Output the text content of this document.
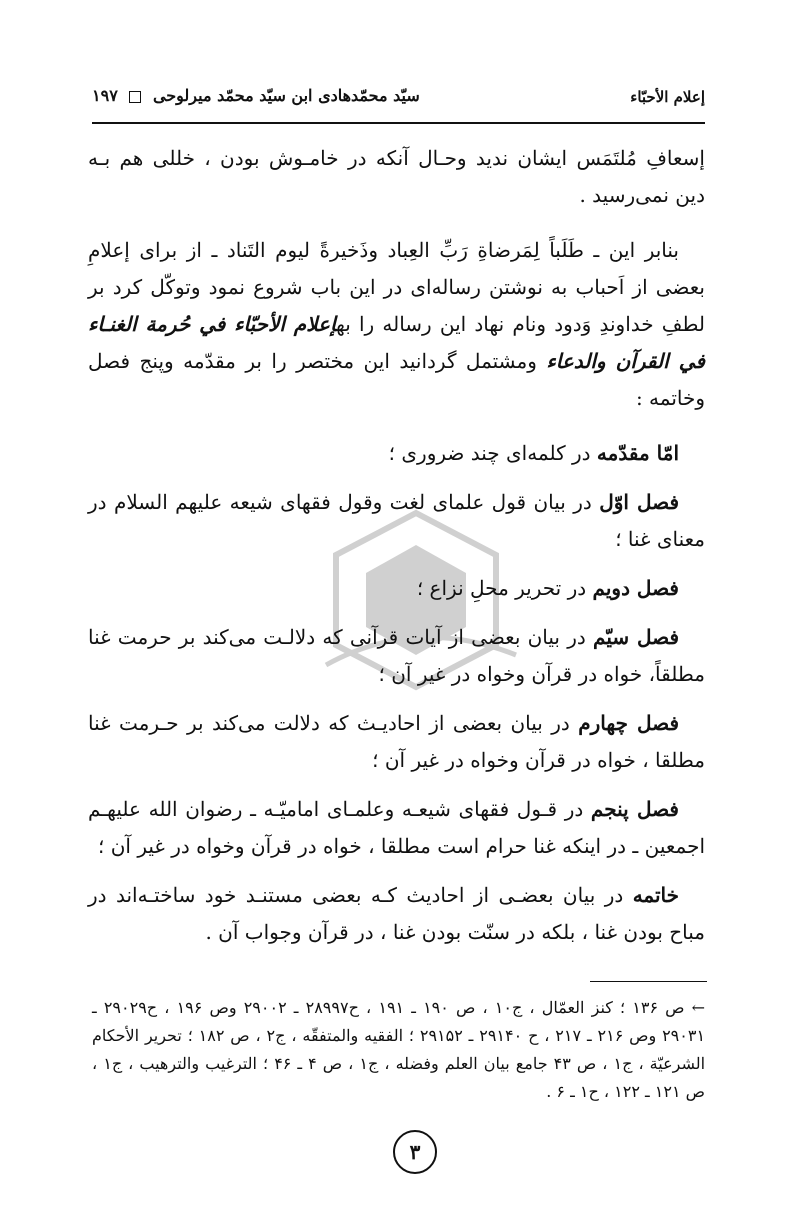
إعلام الأحبّاء
سيّد محمّدهادی ابن سيّد محمّد ميرلوحی  ١٩٧

إسعافِ مُلتَمَس ايشان نديد وحـال آنكه در خامـوش بودن ، خللی هم بـه دين نمی‌رسيد .

بنابر اين ـ طَلَباً لِمَرضاةِ رَبِّ العِباد وذَخيرةً ليوم التَناد ـ از برای إعلامِ بعضی از اَحباب به نوشتن رساله‌ای در اين باب شروع نمود وتوكّل كرد بر لطفِ خداوندِ وَدود ونام نهاد اين رساله را بهإعلام الأحبّاء في حُرمة الغنـاء في القرآن والدعاء ومشتمل گردانيد اين مختصر را بر مقدّمه وپنج فصل وخاتمه :

امّا مقدّمه در كلمه‌ای چند ضروری ؛
فصل اوّل در بيان قول علمای لغت وقول فقهای شيعه عليهم السلام در معنای غنا ؛
فصل دويم در تحرير محلِ نزاع ؛
فصل سيّم در بيان بعضی از آيات قرآنی كه دلالـت می‌كند بر حرمت غنا مطلقاً، خواه در قرآن وخواه در غير آن ؛
فصل چهارم در بيان بعضی از احاديـث كه دلالت می‌كند بر حـرمت غنا مطلقا ، خواه در قرآن وخواه در غير آن ؛
فصل پنجم در قـول فقهای شيعـه وعلمـای اماميّـه ـ رضوان الله عليهـم اجمعين ـ در اينكه غنا حرام است مطلقا ، خواه در قرآن وخواه در غير آن ؛
خاتمه در بيان بعضـی از احاديث كـه بعضی مستنـد خود ساختـه‌اند در مباح بودن غنا ، بلكه در سنّت بودن غنا ، در قرآن وجواب آن .
← ص ١٣۶ ؛ كنز العمّال ، ج١٠ ، ص ١٩٠ ـ ١٩١ ، ح٢٨٩٩٧ ـ ٢٩٠٠٢ وص ١٩۶ ، ح٢٩٠٢٩ ـ ٢٩٠٣١ وص ٢١۶ ـ ٢١٧ ، ح ٢٩١۴٠ ـ ٢٩١۵٢ ؛ الفقيه والمتفقّه ، ج٢ ، ص ١٨٢ ؛ تحرير الأحكام الشرعيّة ، ج١ ، ص ۴٣ جامع بيان العلم وفضله ، ج١ ، ص ۴ ـ ۴۶ ؛ الترغيب والترهيب ، ج١ ، ص ١٢١ ـ ١٢٢ ، ح١ ـ ۶ .
٣
